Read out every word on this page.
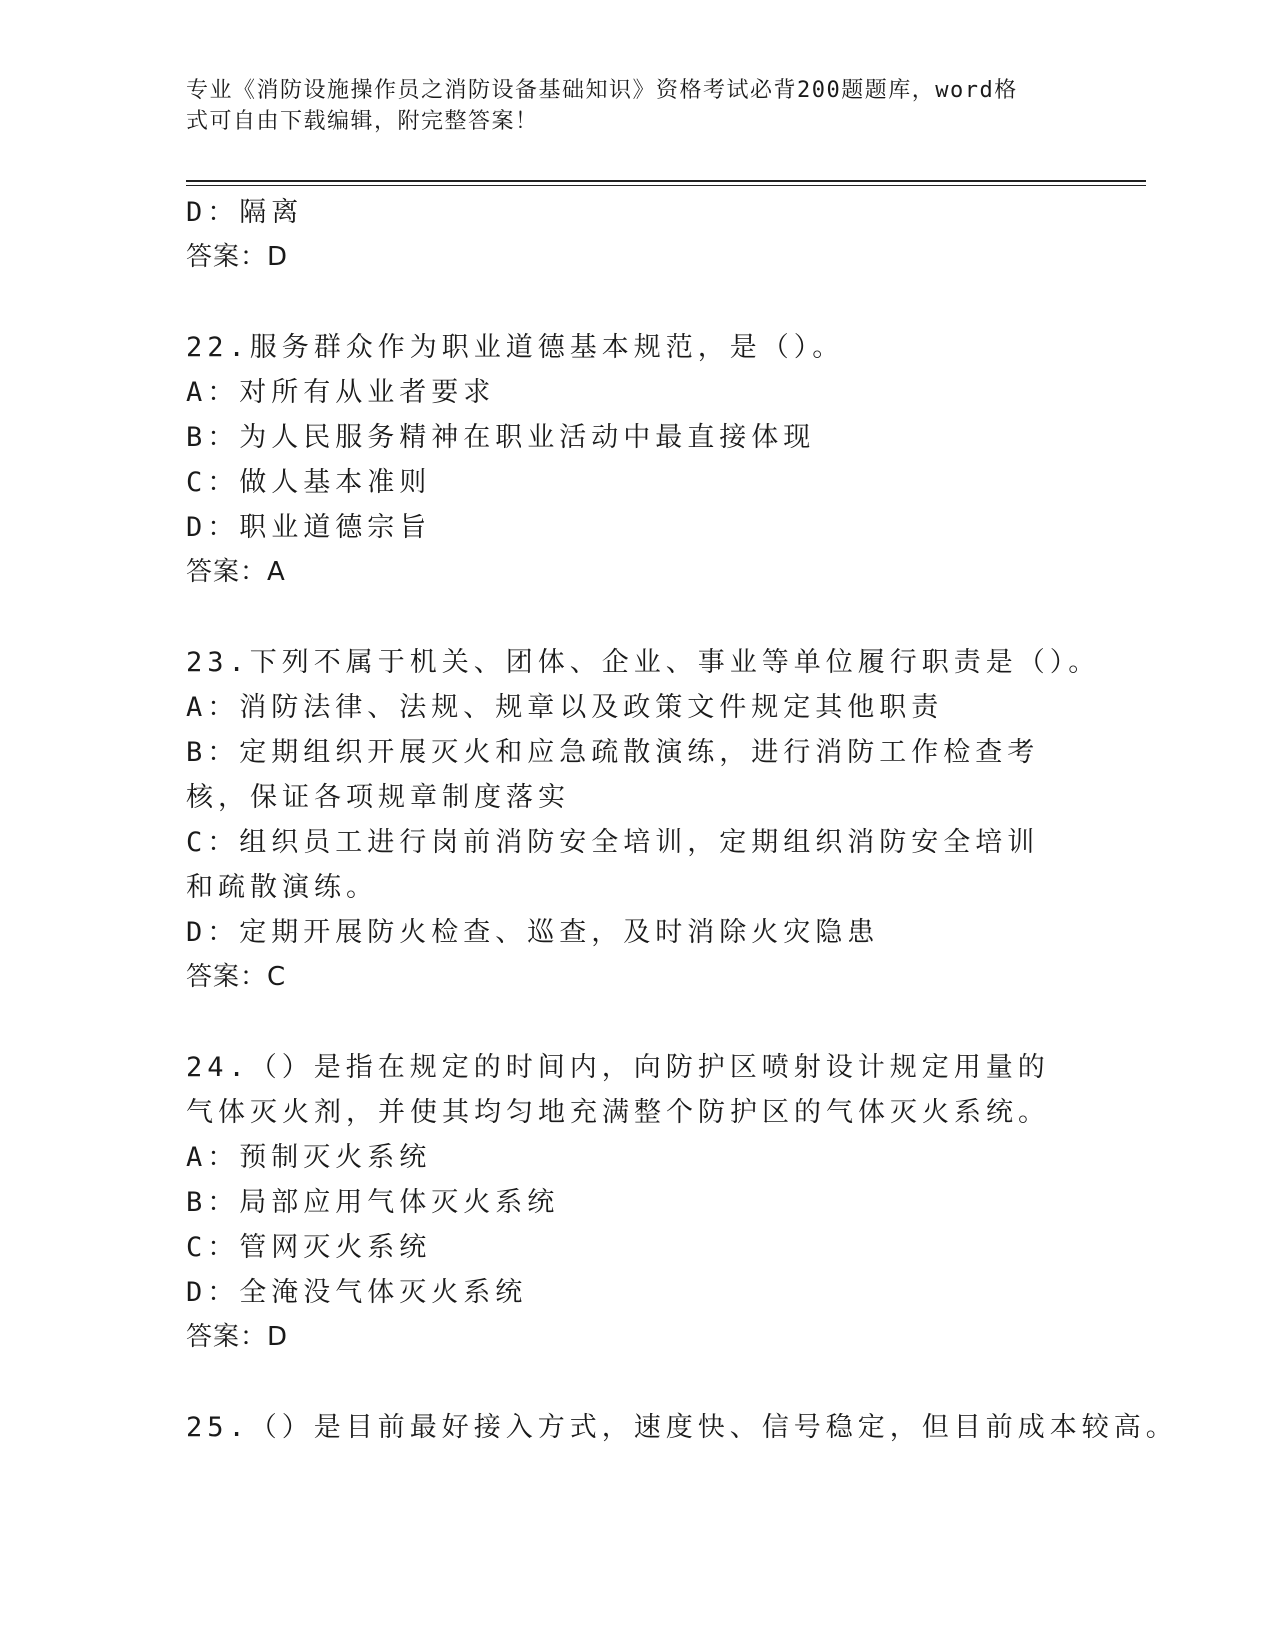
专业《消防设施操作员之消防设备基础知识》资格考试必背200题题库，word格
式可自由下载编辑，附完整答案！
D：隔离
答案：D
22.服务群众作为职业道德基本规范，是（）。
A：对所有从业者要求
B：为人民服务精神在职业活动中最直接体现
C：做人基本准则
D：职业道德宗旨
答案：A
23.下列不属于机关、团体、企业、事业等单位履行职责是（）。
A：消防法律、法规、规章以及政策文件规定其他职责
B：定期组织开展灭火和应急疏散演练，进行消防工作检查考核，保证各项规章制度落实
C：组织员工进行岗前消防安全培训，定期组织消防安全培训和疏散演练。
D：定期开展防火检查、巡查，及时消除火灾隐患
答案：C
24.（）是指在规定的时间内，向防护区喷射设计规定用量的气体灭火剂，并使其均匀地充满整个防护区的气体灭火系统。
A：预制灭火系统
B：局部应用气体灭火系统
C：管网灭火系统
D：全淹没气体灭火系统
答案：D
25.（）是目前最好接入方式，速度快、信号稳定，但目前成本较高。
